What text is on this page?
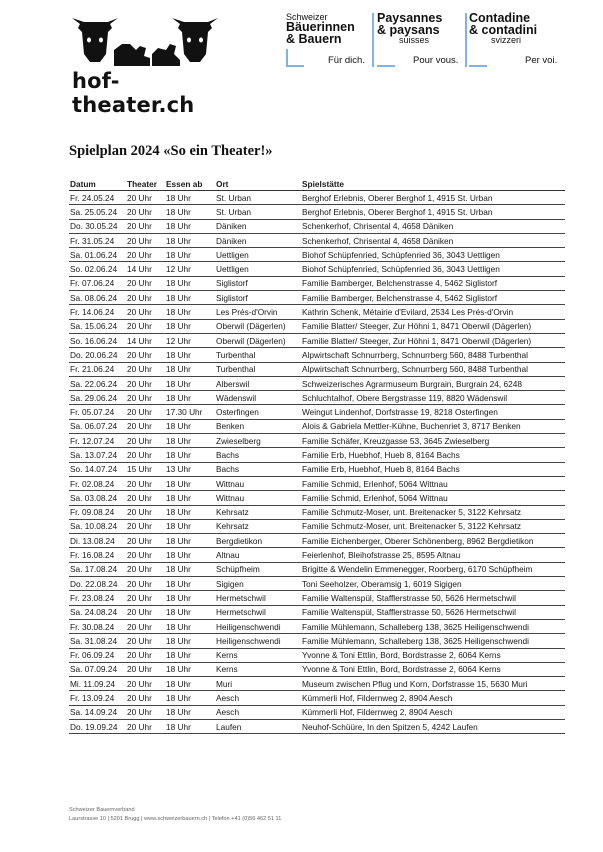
hof-theater.ch
Schweizer
Bäuerinnen
& Bauern
Für dich.
Paysannes
& paysans
suisses
Pour vous.
Contadine
& contadini
svizzeri
Per voi.
Spielplan 2024 «So ein Theater!»
Datum	Theater	Essen ab	Ort	Spielstätte
Fr. 24.05.24	20 Uhr	18 Uhr	St. Urban	Berghof Erlebnis, Oberer Berghof 1, 4915 St. Urban
Sa. 25.05.24	20 Uhr	18 Uhr	St. Urban	Berghof Erlebnis, Oberer Berghof 1, 4915 St. Urban
Do. 30.05.24	20 Uhr	18 Uhr	Däniken	Schenkerhof, Chrisental 4, 4658 Däniken
Fr. 31.05.24	20 Uhr	18 Uhr	Däniken	Schenkerhof, Chrisental 4, 4658 Däniken
Sa. 01.06.24	20 Uhr	18 Uhr	Uettligen	Biohof Schüpfenried, Schüpfenried 36, 3043 Uettligen
So. 02.06.24	14 Uhr	12 Uhr	Uettligen	Biohof Schüpfenried, Schüpfenried 36, 3043 Uettligen
Fr. 07.06.24	20 Uhr	18 Uhr	Siglistorf	Familie Bamberger, Belchenstrasse 4, 5462 Siglistorf
Sa. 08.06.24	20 Uhr	18 Uhr	Siglistorf	Familie Bamberger, Belchenstrasse 4, 5462 Siglistorf
Fr. 14.06.24	20 Uhr	18 Uhr	Les Prés-d'Orvin	Kathrin Schenk, Métairie d'Evilard, 2534 Les Prés-d'Orvin
Sa. 15.06.24	20 Uhr	18 Uhr	Oberwil (Dägerlen)	Familie Blatter/ Steeger, Zur Höhni 1, 8471 Oberwil (Dägerlen)
So. 16.06.24	14 Uhr	12 Uhr	Oberwil (Dägerlen)	Familie Blatter/ Steeger, Zur Höhni 1, 8471 Oberwil (Dägerlen)
Do. 20.06.24	20 Uhr	18 Uhr	Turbenthal	Alpwirtschaft Schnurrberg, Schnurrberg 560, 8488 Turbenthal
Fr. 21.06.24	20 Uhr	18 Uhr	Turbenthal	Alpwirtschaft Schnurrberg, Schnurrberg 560, 8488 Turbenthal
Sa. 22.06.24	20 Uhr	18 Uhr	Alberswil	Schweizerisches Agrarmuseum Burgrain, Burgrain 24, 6248
Sa. 29.06.24	20 Uhr	18 Uhr	Wädenswil	Schluchtalhof, Obere Bergstrasse 119, 8820 Wädenswil
Fr. 05.07.24	20 Uhr	17.30 Uhr	Osterfingen	Weingut Lindenhof, Dorfstrasse 19, 8218 Osterfingen
Sa. 06.07.24	20 Uhr	18 Uhr	Benken	Alois & Gabriela Mettler-Kühne, Buchenriet 3, 8717 Benken
Fr. 12.07.24	20 Uhr	18 Uhr	Zwieselberg	Familie Schäfer, Kreuzgasse 53, 3645 Zwieselberg
Sa. 13.07.24	20 Uhr	18 Uhr	Bachs	Familie Erb, Huebhof, Hueb 8, 8164 Bachs
So. 14.07.24	15 Uhr	13 Uhr	Bachs	Familie Erb, Huebhof, Hueb 8, 8164 Bachs
Fr. 02.08.24	20 Uhr	18 Uhr	Wittnau	Familie Schmid, Erlenhof, 5064 Wittnau
Sa. 03.08.24	20 Uhr	18 Uhr	Wittnau	Familie Schmid, Erlenhof, 5064 Wittnau
Fr. 09.08.24	20 Uhr	18 Uhr	Kehrsatz	Familie Schmutz-Moser, unt. Breitenacker 5, 3122 Kehrsatz
Sa. 10.08.24	20 Uhr	18 Uhr	Kehrsatz	Familie Schmutz-Moser, unt. Breitenacker 5, 3122 Kehrsatz
Di. 13.08.24	20 Uhr	18 Uhr	Bergdietikon	Familie Eichenberger, Oberer Schönenberg, 8962 Bergdietikon
Fr. 16.08.24	20 Uhr	18 Uhr	Altnau	Feierlenhof, Bleihofstrasse 25, 8595 Altnau
Sa. 17.08.24	20 Uhr	18 Uhr	Schüpfheim	Brigitte & Wendelin Emmenegger, Roorberg, 6170 Schüpfheim
Do. 22.08.24	20 Uhr	18 Uhr	Sigigen	Toni Seeholzer, Oberamsig 1, 6019 Sigigen
Fr. 23.08.24	20 Uhr	18 Uhr	Hermetschwil	Familie Waltenspül, Stafflerstrasse 50, 5626 Hermetschwil
Sa. 24.08.24	20 Uhr	18 Uhr	Hermetschwil	Familie Waltenspül, Stafflerstrasse 50, 5626 Hermetschwil
Fr. 30.08.24	20 Uhr	18 Uhr	Heiligenschwendi	Familie Mühlemann, Schalleberg 138, 3625 Heiligenschwendi
Sa. 31.08.24	20 Uhr	18 Uhr	Heiligenschwendi	Familie Mühlemann, Schalleberg 138, 3625 Heiligenschwendi
Fr. 06.09.24	20 Uhr	18 Uhr	Kerns	Yvonne & Toni Ettlin, Bord, Bordstrasse 2, 6064 Kerns
Sa. 07.09.24	20 Uhr	18 Uhr	Kerns	Yvonne & Toni Ettlin, Bord, Bordstrasse 2, 6064 Kerns
Mi. 11.09.24	20 Uhr	18 Uhr	Muri	Museum zwischen Pflug und Korn, Dorfstrasse 15, 5630 Muri
Fr. 13.09.24	20 Uhr	18 Uhr	Aesch	Kümmerli Hof, Fildernweg 2, 8904 Aesch
Sa. 14.09.24	20 Uhr	18 Uhr	Aesch	Kümmerli Hof, Fildernweg 2, 8904 Aesch
Do. 19.09.24	20 Uhr	18 Uhr	Laufen	Neuhof-Schüüre, In den Spitzen 5, 4242 Laufen
Schweizer Bauernverband
Laurstrasse 10 | 5201 Brugg | www.schweizerbauern.ch | Telefon +41 (0)56 462 51 11
